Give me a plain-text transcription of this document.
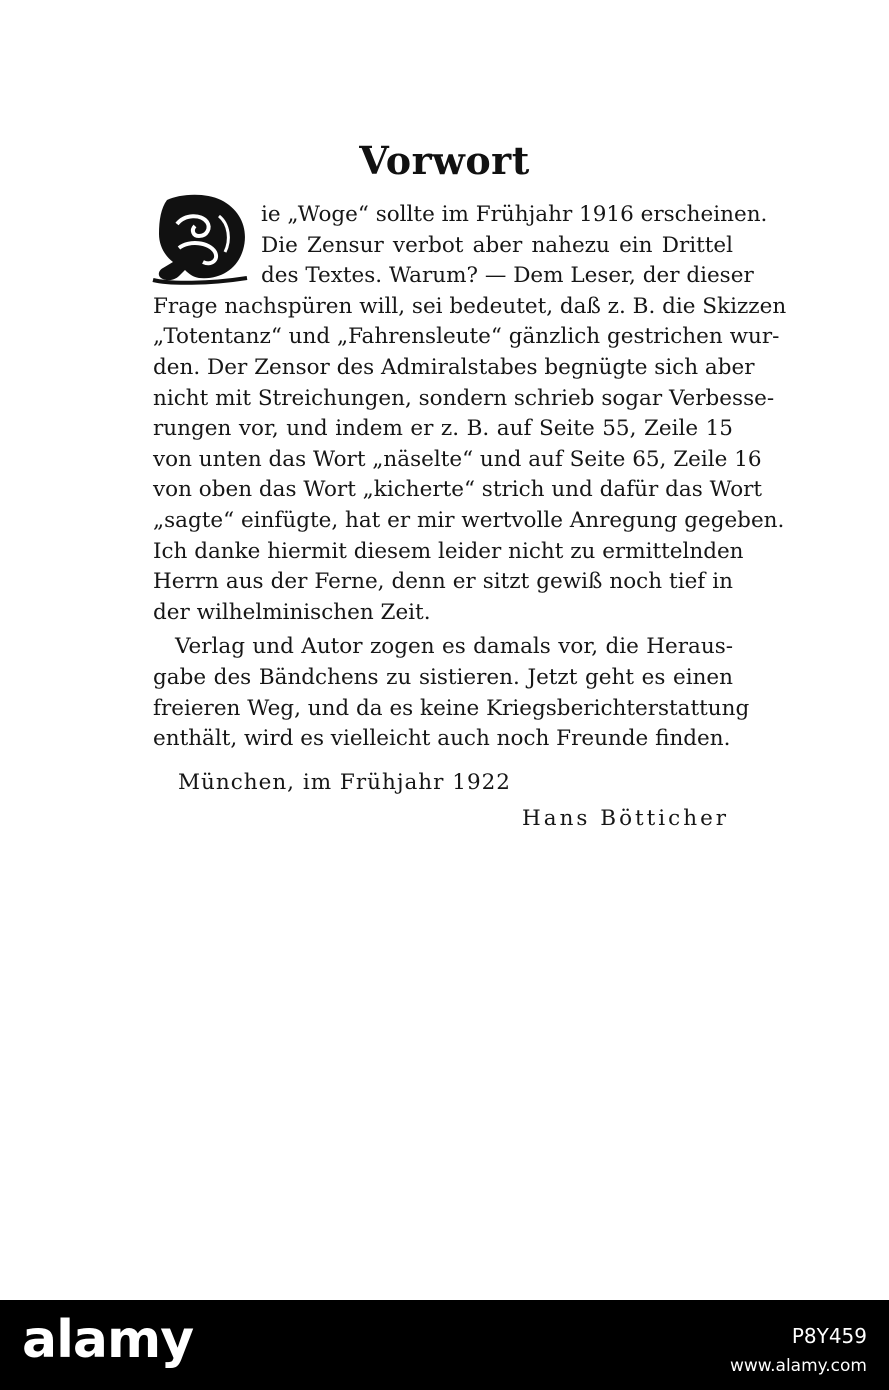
Vorwort
ie „Woge“ sollte im Frühjahr 1916 erscheinen.
Die Zensur verbot aber nahezu ein Drittel
des Textes. Warum? — Dem Leser, der dieser
Frage nachspüren will, sei bedeutet, daß z. B. die Skizzen
„Totentanz“ und „Fahrensleute“ gänzlich gestrichen wur-
den. Der Zensor des Admiralstabes begnügte sich aber
nicht mit Streichungen, sondern schrieb sogar Verbesse-
rungen vor, und indem er z. B. auf Seite 55, Zeile 15
von unten das Wort „näselte“ und auf Seite 65, Zeile 16
von oben das Wort „kicherte“ strich und dafür das Wort
„sagte“ einfügte, hat er mir wertvolle Anregung gegeben.
Ich danke hiermit diesem leider nicht zu ermittelnden
Herrn aus der Ferne, denn er sitzt gewiß noch tief in
der wilhelminischen Zeit.
Verlag und Autor zogen es damals vor, die Heraus-
gabe des Bändchens zu sistieren. Jetzt geht es einen
freieren Weg, und da es keine Kriegsberichterstattung
enthält, wird es vielleicht auch noch Freunde finden.
München, im Frühjahr 1922
Hans Bötticher
alamy	P8Y459
www.alamy.com
